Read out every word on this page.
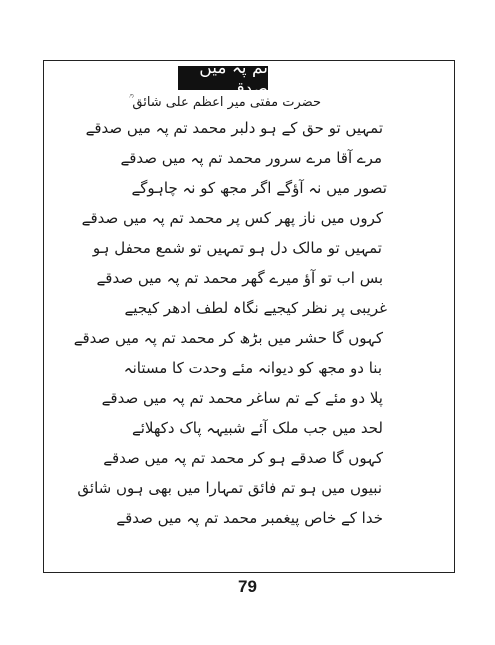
تم پہ میں صدقے
حضرت مفتی میر اعظم علی شائق ؒ
تمہیں تو حق کے ہو دلبر محمد تم پہ میں صدقے
مرے آقا مرے سرور محمد تم پہ میں صدقے
تصور میں نہ آؤگے اگر مجھ کو نہ چاہوگے
کروں میں ناز پھر کس پر محمد تم پہ میں صدقے
تمہیں تو مالک دل ہو تمہیں تو شمع محفل ہو
بس اب تو آؤ میرے گھر محمد تم پہ میں صدقے
غریبی پر نظر کیجیے نگاہ لطف ادھر کیجیے
کہوں گا حشر میں بڑھ کر محمد تم پہ میں صدقے
بنا دو مجھ کو دیوانہ مئے وحدت کا مستانہ
پلا دو مئے کے تم ساغر محمد تم پہ میں صدقے
لحد میں جب ملک آئے شبیہہ پاک دکھلائے
کہوں گا صدقے ہو کر محمد تم پہ میں صدقے
نبیوں میں ہو تم فائق تمہارا میں بھی ہوں شائق
خدا کے خاص پیغمبر محمد تم پہ میں صدقے
79
